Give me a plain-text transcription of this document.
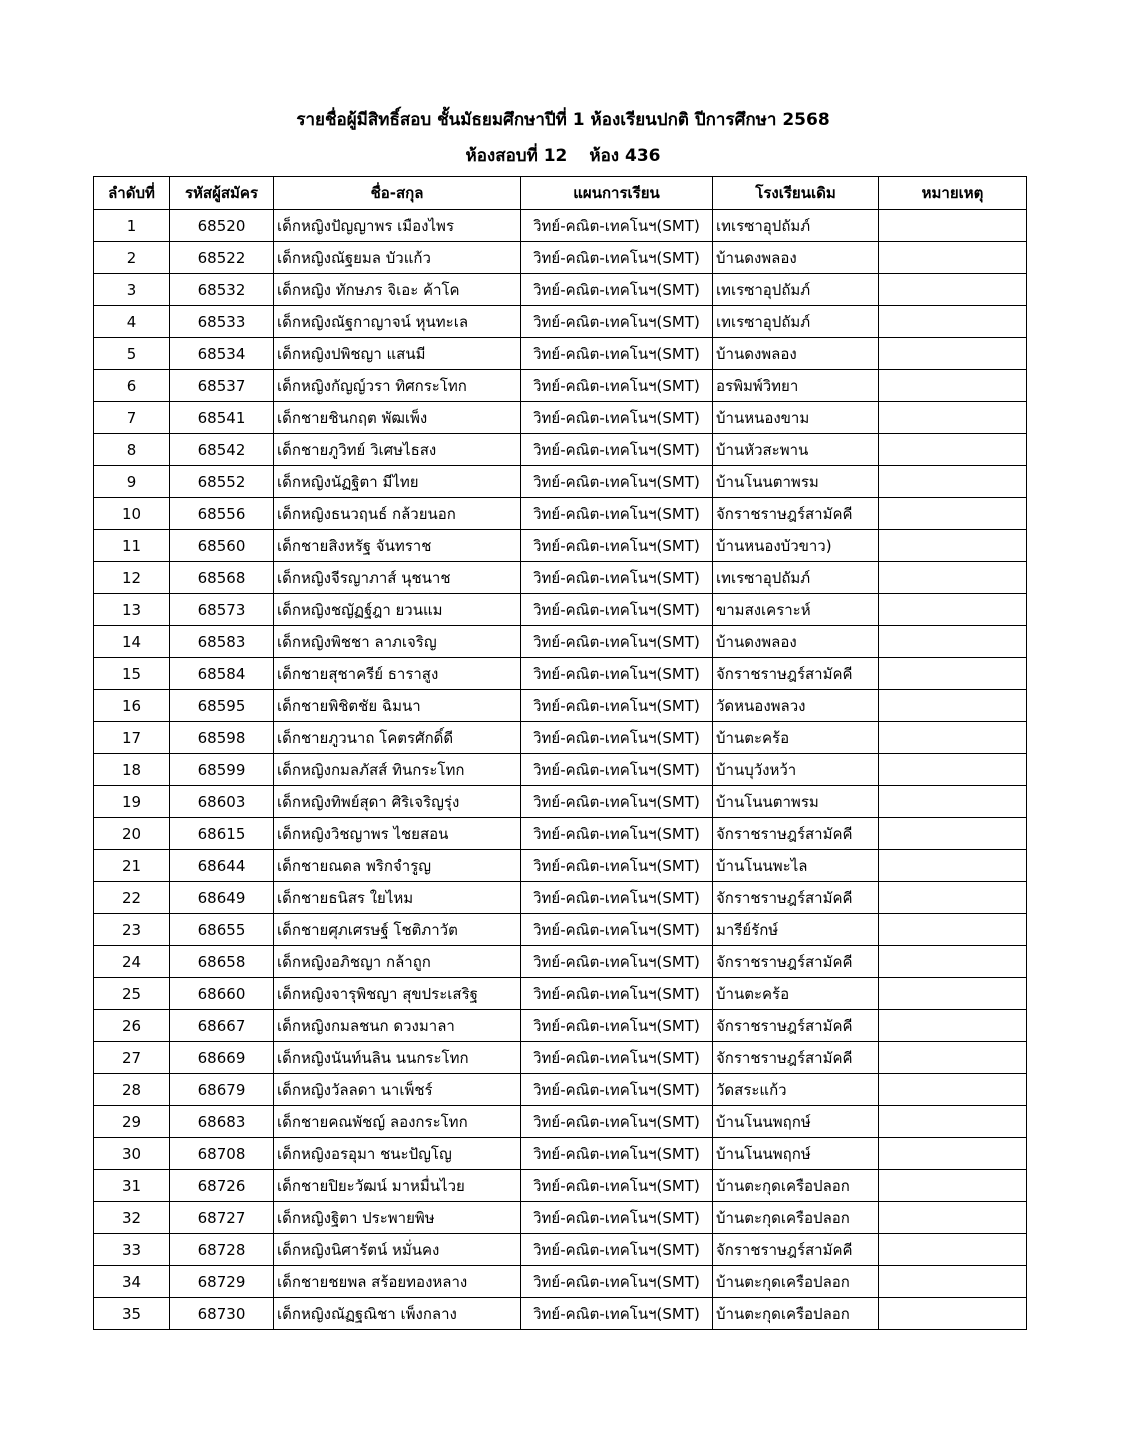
รายชื่อผู้มีสิทธิ์สอบ ชั้นมัธยมศึกษาปีที่ 1 ห้องเรียนปกติ ปีการศึกษา 2568
ห้องสอบที่ 12 ห้อง 436
ลำดับที่	รหัสผู้สมัคร	ชื่อ-สกุล	แผนการเรียน	โรงเรียนเดิม	หมายเหตุ
1	68520	เด็กหญิงปัญญาพร เมืองไพร	วิทย์-คณิต-เทคโนฯ(SMT)	เทเรซาอุปถัมภ์	
2	68522	เด็กหญิงณัฐยมล บัวแก้ว	วิทย์-คณิต-เทคโนฯ(SMT)	บ้านดงพลอง	
3	68532	เด็กหญิง ทักษภร จิเอะ ค้าโค	วิทย์-คณิต-เทคโนฯ(SMT)	เทเรซาอุปถัมภ์	
4	68533	เด็กหญิงณัฐกาญาจน์ หุนทะเล	วิทย์-คณิต-เทคโนฯ(SMT)	เทเรซาอุปถัมภ์	
5	68534	เด็กหญิงปพิชญา แสนมี	วิทย์-คณิต-เทคโนฯ(SMT)	บ้านดงพลอง	
6	68537	เด็กหญิงกัญญ์วรา ทิศกระโทก	วิทย์-คณิต-เทคโนฯ(SMT)	อรพิมพ์วิทยา	
7	68541	เด็กชายชินกฤต พัฒเพ็ง	วิทย์-คณิต-เทคโนฯ(SMT)	บ้านหนองขาม	
8	68542	เด็กชายภูวิทย์ วิเศษไธสง	วิทย์-คณิต-เทคโนฯ(SMT)	บ้านหัวสะพาน	
9	68552	เด็กหญิงนัฏฐิตา มีไทย	วิทย์-คณิต-เทคโนฯ(SMT)	บ้านโนนตาพรม	
10	68556	เด็กหญิงธนวฤนธ์ กล้วยนอก	วิทย์-คณิต-เทคโนฯ(SMT)	จักราชราษฎร์สามัคคี	
11	68560	เด็กชายสิงหรัฐ จันทราช	วิทย์-คณิต-เทคโนฯ(SMT)	บ้านหนองบัวขาว)	
12	68568	เด็กหญิงจีรญาภาส์ นุชนาช	วิทย์-คณิต-เทคโนฯ(SMT)	เทเรซาอุปถัมภ์	
13	68573	เด็กหญิงชญัฏฐ์ฎา ยวนแม	วิทย์-คณิต-เทคโนฯ(SMT)	ขามสงเคราะห์	
14	68583	เด็กหญิงพิชชา ลาภเจริญ	วิทย์-คณิต-เทคโนฯ(SMT)	บ้านดงพลอง	
15	68584	เด็กชายสุชาครีย์ ธาราสูง	วิทย์-คณิต-เทคโนฯ(SMT)	จักราชราษฎร์สามัคคี	
16	68595	เด็กชายพิชิตชัย ฉิมนา	วิทย์-คณิต-เทคโนฯ(SMT)	วัดหนองพลวง	
17	68598	เด็กชายภูวนาถ โคตรศักดิ์ดี	วิทย์-คณิต-เทคโนฯ(SMT)	บ้านตะคร้อ	
18	68599	เด็กหญิงกมลภัสส์ ทินกระโทก	วิทย์-คณิต-เทคโนฯ(SMT)	บ้านบุวังหว้า	
19	68603	เด็กหญิงทิพย์สุดา ศิริเจริญรุ่ง	วิทย์-คณิต-เทคโนฯ(SMT)	บ้านโนนตาพรม	
20	68615	เด็กหญิงวิชญาพร ไชยสอน	วิทย์-คณิต-เทคโนฯ(SMT)	จักราชราษฎร์สามัคคี	
21	68644	เด็กชายณดล พริกจำรูญ	วิทย์-คณิต-เทคโนฯ(SMT)	บ้านโนนพะไล	
22	68649	เด็กชายธนิสร ใยไหม	วิทย์-คณิต-เทคโนฯ(SMT)	จักราชราษฎร์สามัคคี	
23	68655	เด็กชายศุภเศรษฐ์ โชติภาวัต	วิทย์-คณิต-เทคโนฯ(SMT)	มารีย์รักษ์	
24	68658	เด็กหญิงอภิชญา กล้าถูก	วิทย์-คณิต-เทคโนฯ(SMT)	จักราชราษฎร์สามัคคี	
25	68660	เด็กหญิงจารุพิชญา สุขประเสริฐ	วิทย์-คณิต-เทคโนฯ(SMT)	บ้านตะคร้อ	
26	68667	เด็กหญิงกมลชนก ดวงมาลา	วิทย์-คณิต-เทคโนฯ(SMT)	จักราชราษฎร์สามัคคี	
27	68669	เด็กหญิงนันท์นลิน นนกระโทก	วิทย์-คณิต-เทคโนฯ(SMT)	จักราชราษฎร์สามัคคี	
28	68679	เด็กหญิงวัลลดา นาเพ็ชร์	วิทย์-คณิต-เทคโนฯ(SMT)	วัดสระแก้ว	
29	68683	เด็กชายคณพัชญ์ ลองกระโทก	วิทย์-คณิต-เทคโนฯ(SMT)	บ้านโนนพฤกษ์	
30	68708	เด็กหญิงอรอุมา ชนะปัญโญ	วิทย์-คณิต-เทคโนฯ(SMT)	บ้านโนนพฤกษ์	
31	68726	เด็กชายปิยะวัฒน์ มาหมื่นไวย	วิทย์-คณิต-เทคโนฯ(SMT)	บ้านตะกุดเครือปลอก	
32	68727	เด็กหญิงฐิตา ประพายพิษ	วิทย์-คณิต-เทคโนฯ(SMT)	บ้านตะกุดเครือปลอก	
33	68728	เด็กหญิงนิศารัตน์ หมั่นคง	วิทย์-คณิต-เทคโนฯ(SMT)	จักราชราษฎร์สามัคคี	
34	68729	เด็กชายชยพล สร้อยทองหลาง	วิทย์-คณิต-เทคโนฯ(SMT)	บ้านตะกุดเครือปลอก	
35	68730	เด็กหญิงณัฏฐณิชา เพ็งกลาง	วิทย์-คณิต-เทคโนฯ(SMT)	บ้านตะกุดเครือปลอก	
